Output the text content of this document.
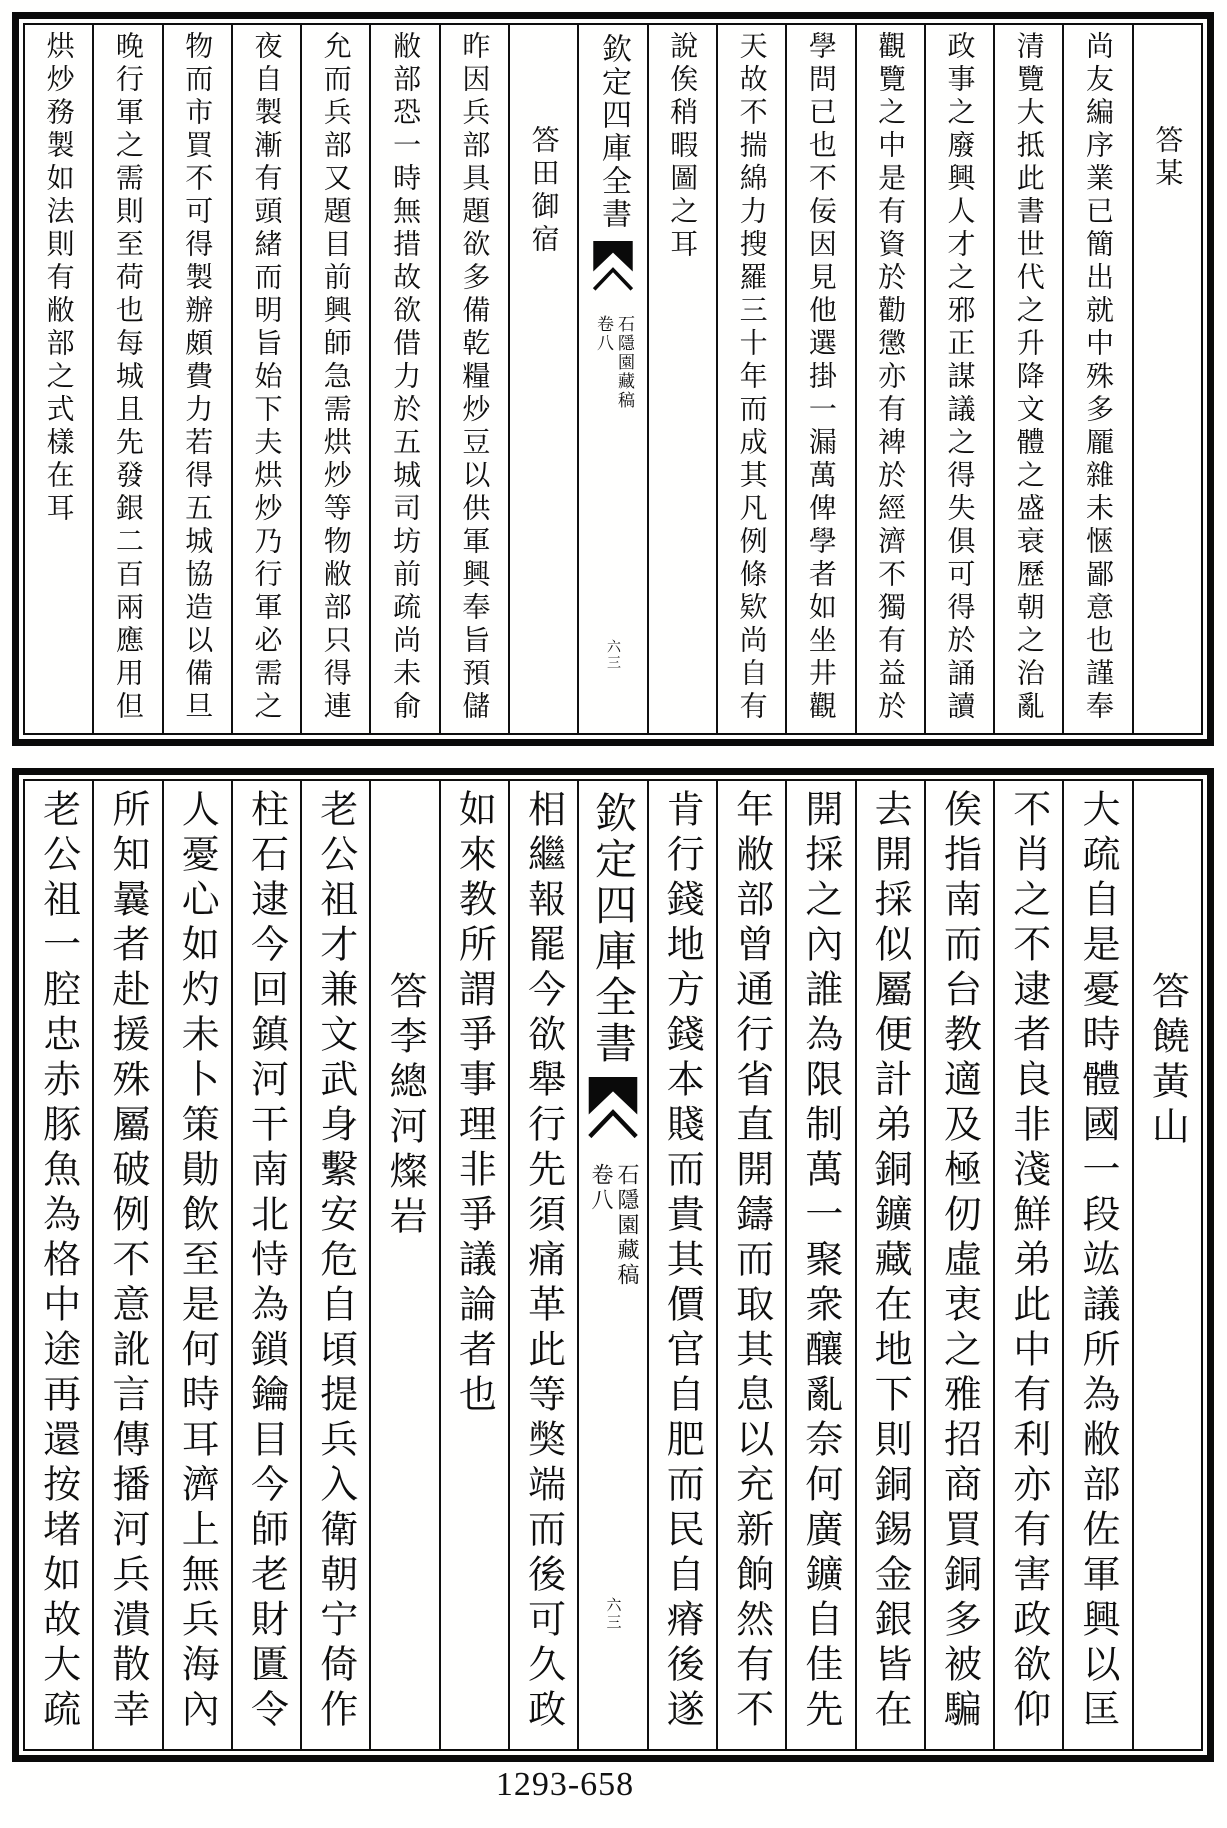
答某
尚友編序業已簡出就中殊多龎雜未愜鄙意也謹奉
清覽大抵此書世代之升降文體之盛衰歷朝之治亂
政事之廢興人才之邪正謀議之得失俱可得於誦讀
觀覽之中是有資於勸懲亦有裨於經濟不獨有益於
學問已也不佞因見他選掛一漏萬俾學者如坐井觀
天故不揣綿力搜羅三十年而成其凡例條欵尚自有
說俟稍暇圖之耳
欽定四庫全書
石隱園藏稿
卷八
六三
答田御宿
昨因兵部具題欲多備乾糧炒豆以供軍興奉旨預儲
敝部恐一時無措故欲借力於五城司坊前疏尚未俞
允而兵部又題目前興師急需烘炒等物敝部只得連
夜自製漸有頭緒而明旨始下夫烘炒乃行軍必需之
物而市買不可得製辦頗費力若得五城協造以備旦
晚行軍之需則至荷也每城且先發銀二百兩應用但
烘炒務製如法則有敝部之式樣在耳
答饒黃山
大疏自是憂時體國一段竑議所為敝部佐軍興以匡
不肖之不逮者良非淺鮮弟此中有利亦有害政欲仰
俟指南而台教適及極仞虛衷之雅招商買銅多被騙
去開採似屬便計弟銅鑛藏在地下則銅錫金銀皆在
開採之內誰為限制萬一聚衆釀亂奈何廣鑛自佳先
年敝部曾通行省直開鑄而取其息以充新餉然有不
肯行錢地方錢本賤而貴其價官自肥而民自瘠後遂
欽定四庫全書
石隱園藏稿
卷八
六三
相繼報罷今欲舉行先須痛革此等獘端而後可久政
如來教所謂爭事理非爭議論者也
答李總河燦岩
老公祖才兼文武身繫安危自頃提兵入衛朝宁倚作
柱石逮今回鎮河干南北恃為鎖鑰目今師老財匱令
人憂心如灼未卜策勛飲至是何時耳濟上無兵海內
所知曩者赴援殊屬破例不意訛言傳播河兵潰散幸
老公祖一腔忠赤豚魚為格中途再還按堵如故大疏
1293-658
